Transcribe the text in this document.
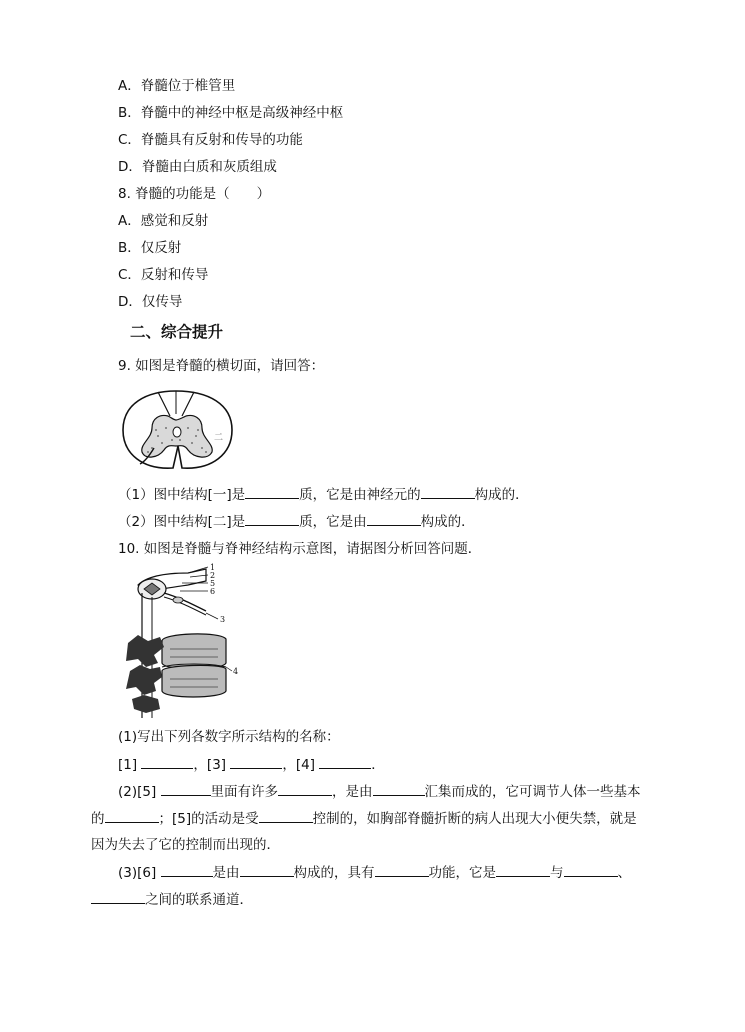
A．脊髓位于椎管里
B．脊髓中的神经中枢是高级神经中枢
C．脊髓具有反射和传导的功能
D．脊髓由白质和灰质组成
8. 脊髓的功能是（　　）
A．感觉和反射
B．仅反射
C．反射和传导
D．仅传导
二、综合提升
9. 如图是脊髓的横切面，请回答：
二
（1）图中结构[一]是	质，它是由神经元的	构成的．
（2）图中结构[二]是	质，它是由	构成的．
10. 如图是脊髓与脊神经结构示意图，请据图分析回答问题．
1
2
5
6
3
4
(1)写出下列各数字所示结构的名称：
[1]	，[3]	，[4]	．
(2)[5]	里面有许多	，是由	汇集而成的，它可调节人体一些基本
的	；[5]的活动是受	控制的，如胸部脊髓折断的病人出现大小便失禁，就是
因为失去了它的控制而出现的．
(3)[6]	是由	构成的，具有	功能，它是	与	、
之间的联系通道．
